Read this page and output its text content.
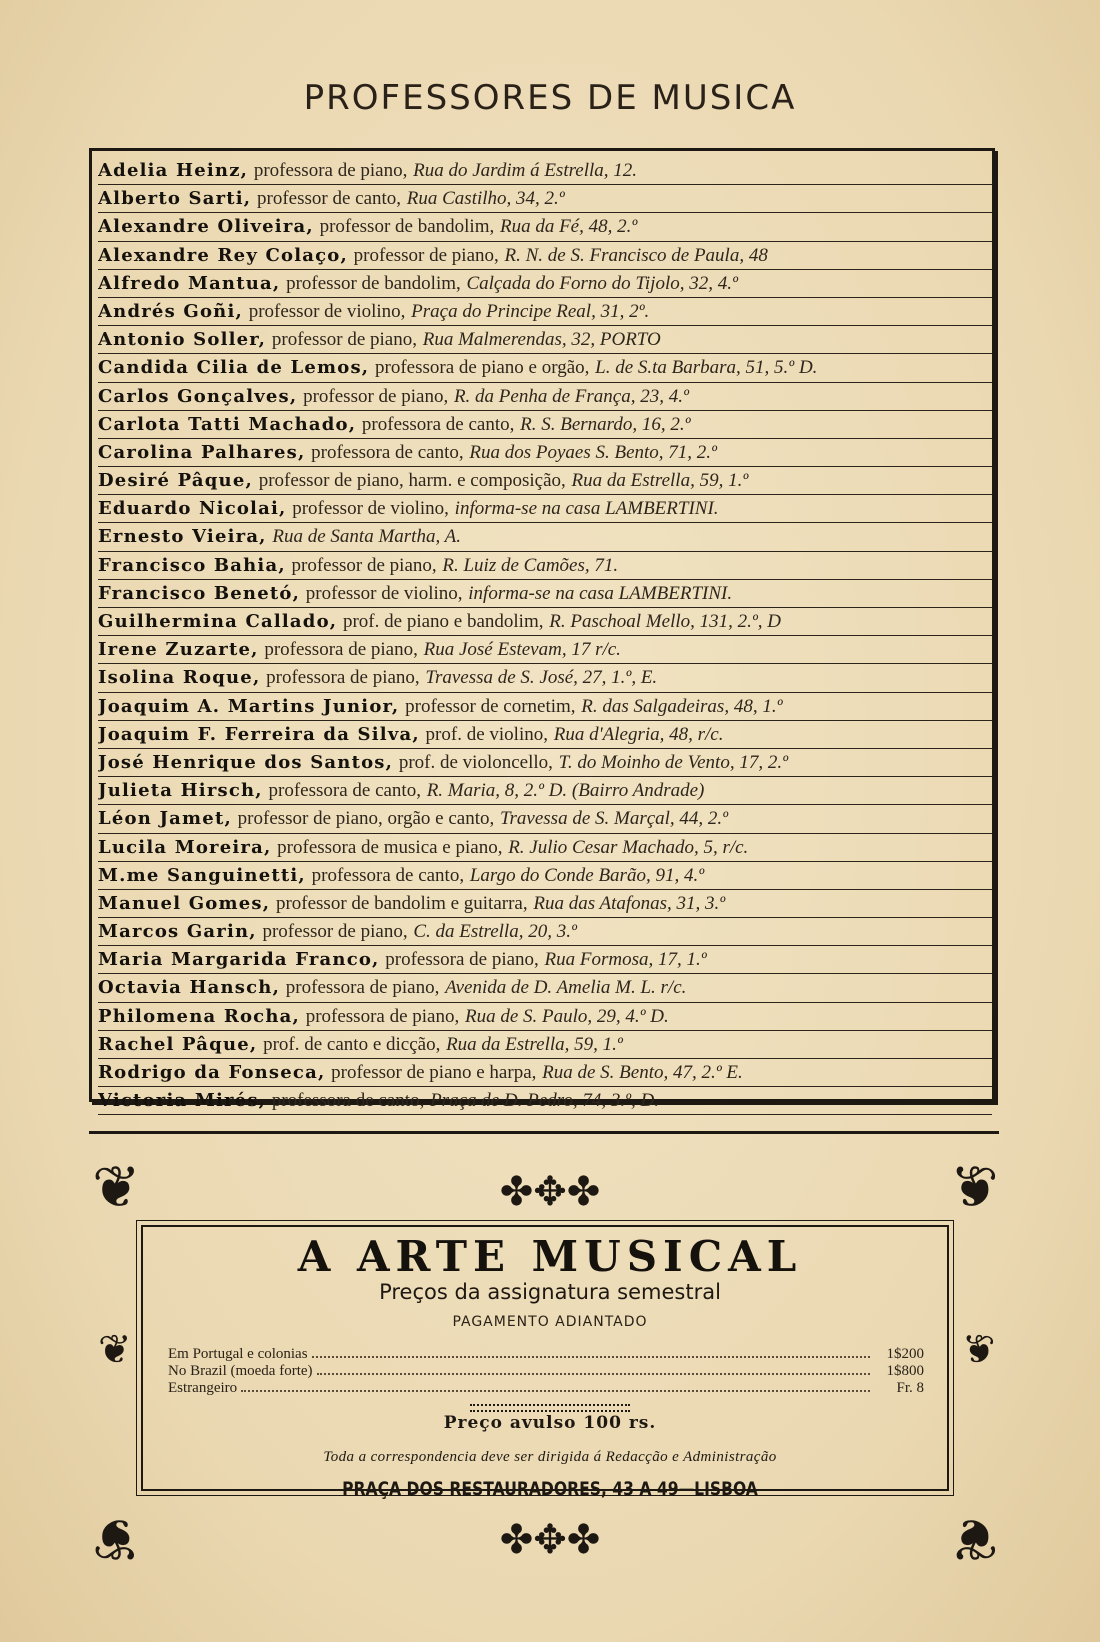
PROFESSORES DE MUSICA
Adelia Heinz, professora de piano, Rua do Jardim á Estrella, 12.
Alberto Sarti, professor de canto, Rua Castilho, 34, 2.º
Alexandre Oliveira, professor de bandolim, Rua da Fé, 48, 2.º
Alexandre Rey Colaço, professor de piano, R. N. de S. Francisco de Paula, 48
Alfredo Mantua, professor de bandolim, Calçada do Forno do Tijolo, 32, 4.º
Andrés Goñi, professor de violino, Praça do Principe Real, 31, 2º.
Antonio Soller, professor de piano, Rua Malmerendas, 32, PORTO
Candida Cilia de Lemos, professora de piano e orgão, L. de S.ta Barbara, 51, 5.º D.
Carlos Gonçalves, professor de piano, R. da Penha de França, 23, 4.º
Carlota Tatti Machado, professora de canto, R. S. Bernardo, 16, 2.º
Carolina Palhares, professora de canto, Rua dos Poyaes S. Bento, 71, 2.º
Desiré Pâque, professor de piano, harm. e composição, Rua da Estrella, 59, 1.º
Eduardo Nicolai, professor de violino, informa-se na casa LAMBERTINI.
Ernesto Vieira, Rua de Santa Martha, A.
Francisco Bahia, professor de piano, R. Luiz de Camões, 71.
Francisco Benetó, professor de violino, informa-se na casa LAMBERTINI.
Guilhermina Callado, prof. de piano e bandolim, R. Paschoal Mello, 131, 2.º, D
Irene Zuzarte, professora de piano, Rua José Estevam, 17 r/c.
Isolina Roque, professora de piano, Travessa de S. José, 27, 1.º, E.
Joaquim A. Martins Junior, professor de cornetim, R. das Salgadeiras, 48, 1.º
Joaquim F. Ferreira da Silva, prof. de violino, Rua d'Alegria, 48, r/c.
José Henrique dos Santos, prof. de violoncello, T. do Moinho de Vento, 17, 2.º
Julieta Hirsch, professora de canto, R. Maria, 8, 2.º D. (Bairro Andrade)
Léon Jamet, professor de piano, orgão e canto, Travessa de S. Marçal, 44, 2.º
Lucila Moreira, professora de musica e piano, R. Julio Cesar Machado, 5, r/c.
M.me Sanguinetti, professora de canto, Largo do Conde Barão, 91, 4.º
Manuel Gomes, professor de bandolim e guitarra, Rua das Atafonas, 31, 3.º
Marcos Garin, professor de piano, C. da Estrella, 20, 3.º
Maria Margarida Franco, professora de piano, Rua Formosa, 17, 1.º
Octavia Hansch, professora de piano, Avenida de D. Amelia M. L. r/c.
Philomena Rocha, professora de piano, Rua de S. Paulo, 29, 4.º D.
Rachel Pâque, prof. de canto e dicção, Rua da Estrella, 59, 1.º
Rodrigo da Fonseca, professor de piano e harpa, Rua de S. Bento, 47, 2.º E.
Victoria Mirés, professora de canto, Praça de D. Pedro, 74, 3.º, D.
❦	❦
❦	❦
✤✥✤
✤✥✤
❦	❦
A ARTE MUSICAL
Preços da assignatura semestral
PAGAMENTO ADIANTADO
Em Portugal e colonias	1$200
No Brazil (moeda forte)	1$800
Estrangeiro	Fr. 8
Preço avulso 100 rs.
Toda a correspondencia deve ser dirigida á Redacção e Administração
PRAÇA DOS RESTAURADORES, 43 A 49—LISBOA
